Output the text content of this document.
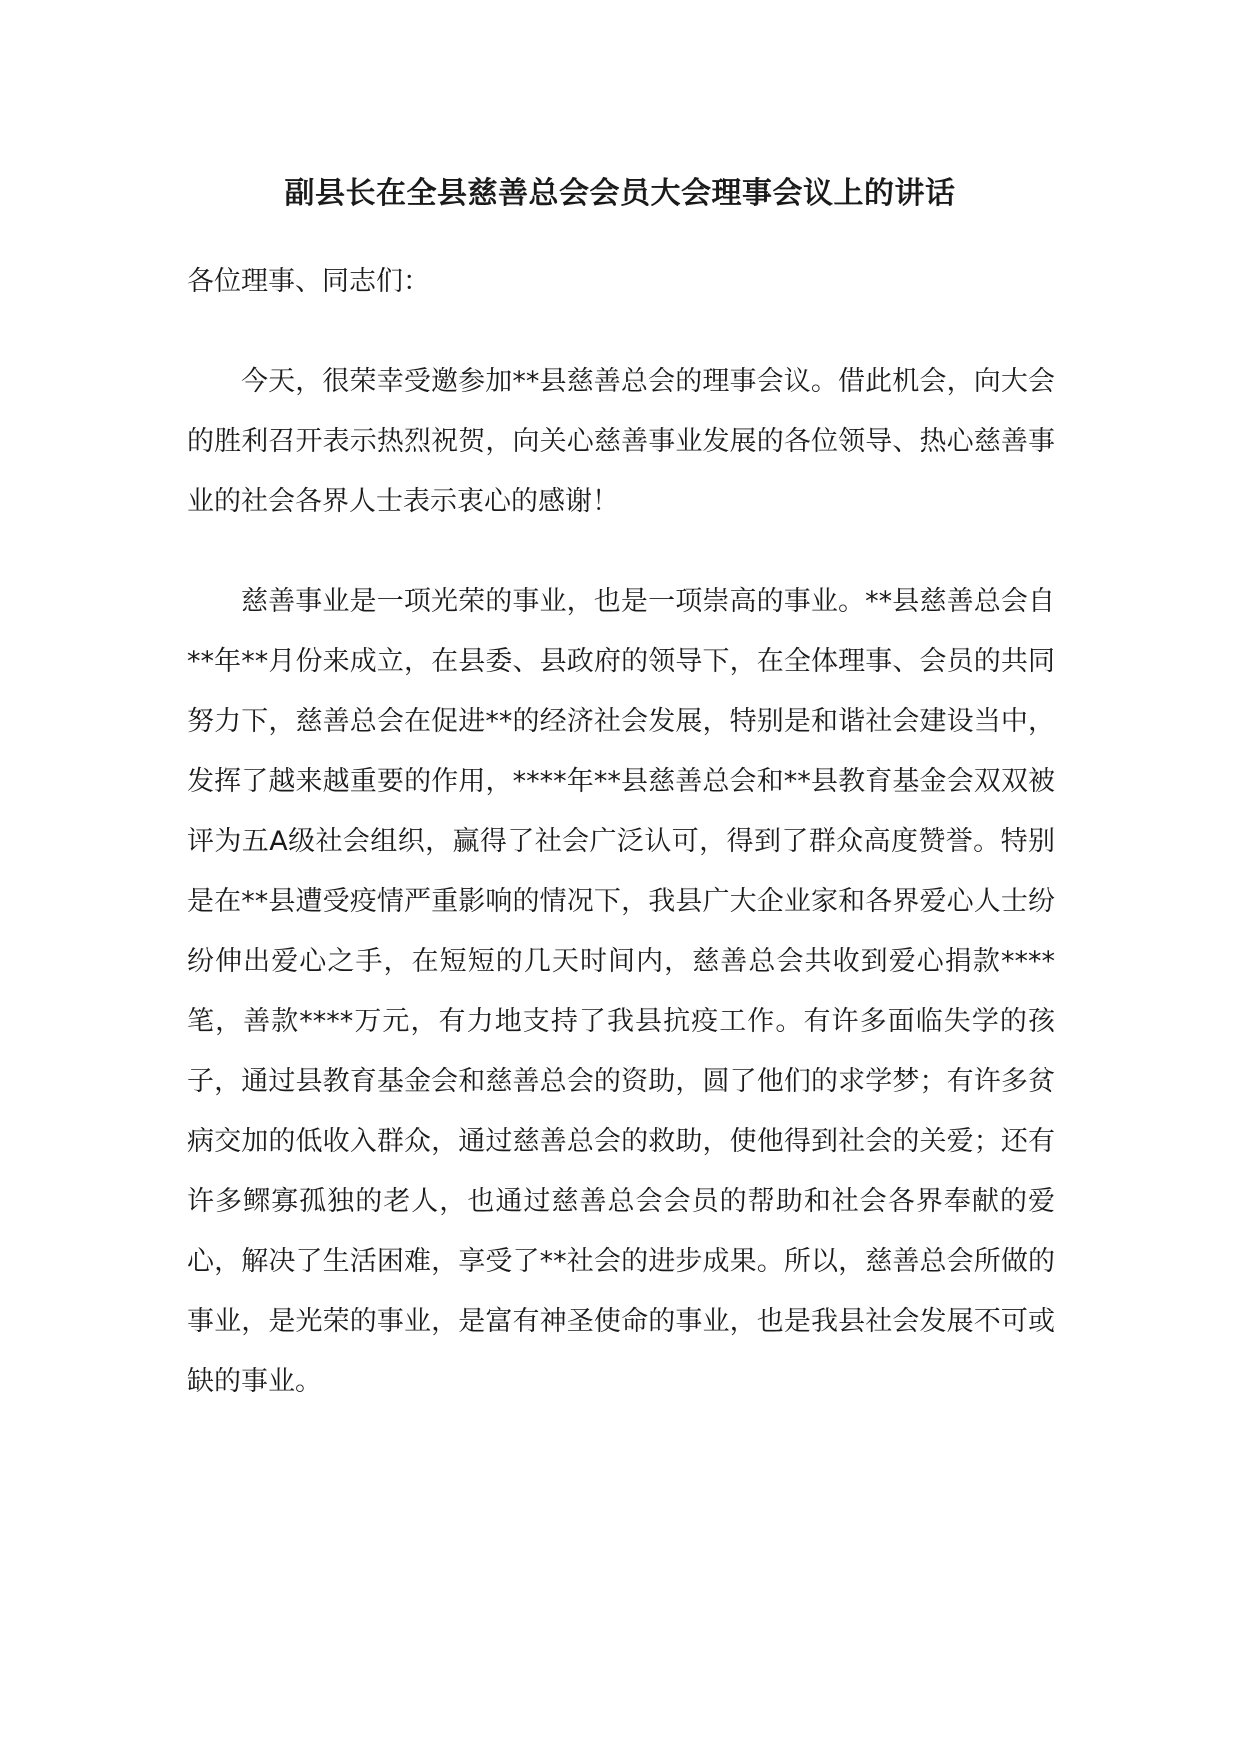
副县长在全县慈善总会会员大会理事会议上的讲话

各位理事、同志们：

今天，很荣幸受邀参加**县慈善总会的理事会议。借此机会，向大会的胜利召开表示热烈祝贺，向关心慈善事业发展的各位领导、热心慈善事业的社会各界人士表示衷心的感谢！

慈善事业是一项光荣的事业，也是一项崇高的事业。**县慈善总会自**年**月份来成立，在县委、县政府的领导下，在全体理事、会员的共同努力下，慈善总会在促进**的经济社会发展，特别是和谐社会建设当中，发挥了越来越重要的作用，****年**县慈善总会和**县教育基金会双双被评为五A级社会组织，赢得了社会广泛认可，得到了群众高度赞誉。特别是在**县遭受疫情严重影响的情况下，我县广大企业家和各界爱心人士纷纷伸出爱心之手，在短短的几天时间内，慈善总会共收到爱心捐款****笔，善款****万元，有力地支持了我县抗疫工作。有许多面临失学的孩子，通过县教育基金会和慈善总会的资助，圆了他们的求学梦；有许多贫病交加的低收入群众，通过慈善总会的救助，使他得到社会的关爱；还有许多鳏寡孤独的老人，也通过慈善总会会员的帮助和社会各界奉献的爱心，解决了生活困难，享受了**社会的进步成果。所以，慈善总会所做的事业，是光荣的事业，是富有神圣使命的事业，也是我县社会发展不可或缺的事业。
